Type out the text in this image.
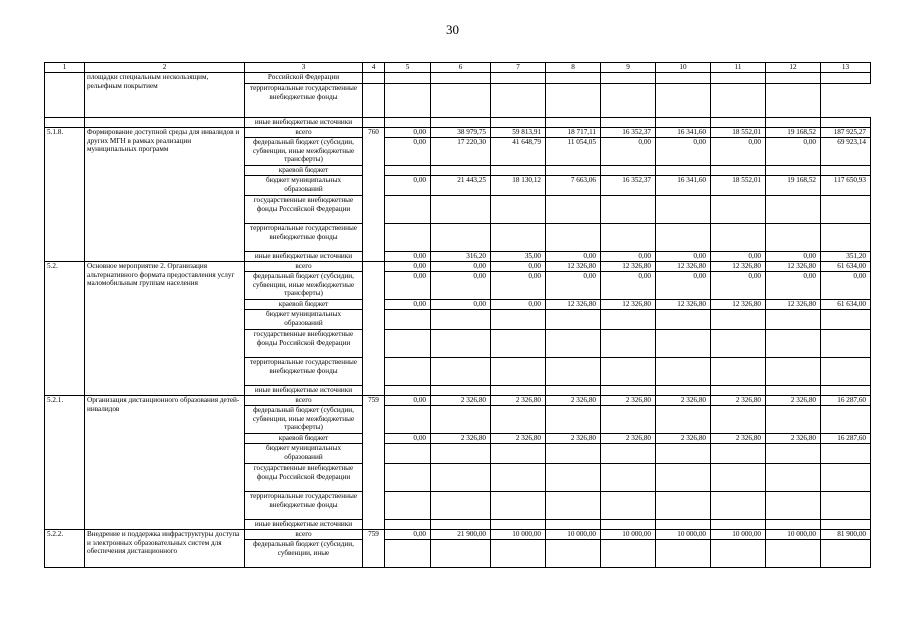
30
1	2	3	4	5	6	7	8	9	10	11	12	13
	площадки специальным нескользящим, рельефным покрытием	Российской Федерации										
		территориальные государственные внебюджетные фонды										
		иные внебюджетные источники										
5.1.8.	Формирование доступной среды для инвалидов и других МГН в рамках реализации муниципальных программ	всего	760	0,00	38 979,75	59 813,91	18 717,11	16 352,37	16 341,60	18 552,01	19 168,52	187 925,27
		федеральный бюджет (субсидии, субвенции, иные межбюджетные трансферты)		0,00	17 220,30	41 648,79	11 054,05	0,00	0,00	0,00	0,00	69 923,14
		краевой бюджет										
		бюджет муниципальных образований		0,00	21 443,25	18 130,12	7 663,06	16 352,37	16 341,60	18 552,01	19 168,52	117 650,93
		государственные внебюджетные фонды Российской Федерации										
		территориальные государственные внебюджетные фонды										
		иные внебюджетные источники		0,00	316,20	35,00	0,00	0,00	0,00	0,00	0,00	351,20
5.2.	Основное мероприятие 2. Организация альтернативного формата предоставления услуг маломобильным группам населения	всего		0,00	0,00	0,00	12 326,80	12 326,80	12 326,80	12 326,80	12 326,80	61 634,00
		федеральный бюджет (субсидии, субвенции, иные межбюджетные трансферты)		0,00	0,00	0,00	0,00	0,00	0,00	0,00	0,00	0,00
		краевой бюджет		0,00	0,00	0,00	12 326,80	12 326,80	12 326,80	12 326,80	12 326,80	61 634,00
		бюджет муниципальных образований										
		государственные внебюджетные фонды Российской Федерации										
		территориальные государственные внебюджетные фонды										
		иные внебюджетные источники										
5.2.1.	Организация дистанционного образования детей-инвалидов	всего	759	0,00	2 326,80	2 326,80	2 326,80	2 326,80	2 326,80	2 326,80	2 326,80	16 287,60
		федеральный бюджет (субсидии, субвенции, иные межбюджетные трансферты)										
		краевой бюджет		0,00	2 326,80	2 326,80	2 326,80	2 326,80	2 326,80	2 326,80	2 326,80	16 287,60
		бюджет муниципальных образований										
		государственные внебюджетные фонды Российской Федерации										
		территориальные государственные внебюджетные фонды										
		иные внебюджетные источники										
5.2.2.	Внедрение и поддержка инфраструктуры доступа и электронных образовательных систем для обеспечения дистанционного	всего	759	0,00	21 900,00	10 000,00	10 000,00	10 000,00	10 000,00	10 000,00	10 000,00	81 900,00
		федеральный бюджет (субсидии, субвенции, иные										
